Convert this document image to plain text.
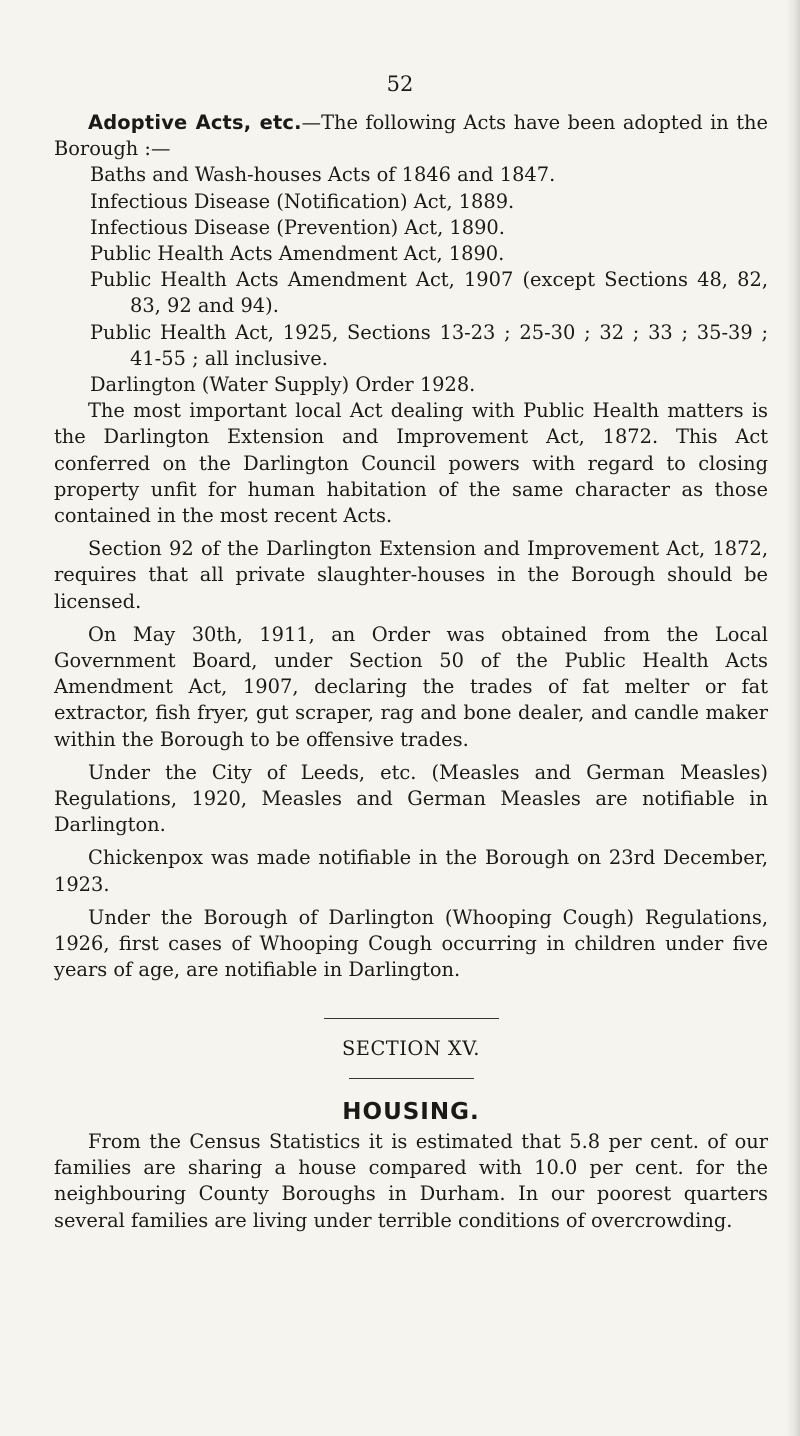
52

Adoptive Acts, etc.—The following Acts have been adopted in the Borough :—

Baths and Wash-houses Acts of 1846 and 1847.
Infectious Disease (Notification) Act, 1889.
Infectious Disease (Prevention) Act, 1890.
Public Health Acts Amendment Act, 1890.
Public Health Acts Amendment Act, 1907 (except Sections 48, 82, 83, 92 and 94).
Public Health Act, 1925, Sections 13-23 ; 25-30 ; 32 ; 33 ; 35-39 ; 41-55 ; all inclusive.
Darlington (Water Supply) Order 1928.

The most important local Act dealing with Public Health matters is the Darlington Extension and Improvement Act, 1872. This Act conferred on the Darlington Council powers with regard to closing property unfit for human habitation of the same character as those contained in the most recent Acts.

Section 92 of the Darlington Extension and Improvement Act, 1872, requires that all private slaughter-houses in the Borough should be licensed.

On May 30th, 1911, an Order was obtained from the Local Government Board, under Section 50 of the Public Health Acts Amendment Act, 1907, declaring the trades of fat melter or fat extractor, fish fryer, gut scraper, rag and bone dealer, and candle maker within the Borough to be offensive trades.

Under the City of Leeds, etc. (Measles and German Measles) Regulations, 1920, Measles and German Measles are notifiable in Darlington.

Chickenpox was made notifiable in the Borough on 23rd December, 1923.

Under the Borough of Darlington (Whooping Cough) Regulations, 1926, first cases of Whooping Cough occurring in children under five years of age, are notifiable in Darlington.

SECTION XV.
HOUSING.

From the Census Statistics it is estimated that 5.8 per cent. of our families are sharing a house compared with 10.0 per cent. for the neighbouring County Boroughs in Durham. In our poorest quarters several families are living under terrible conditions of overcrowding.
